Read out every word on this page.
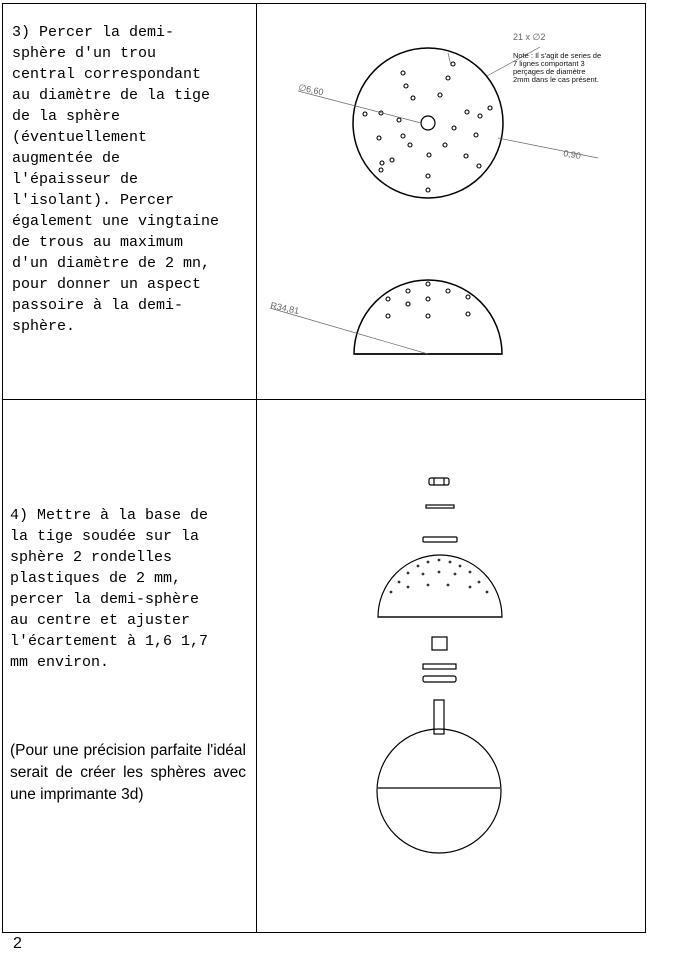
3) Percer la demi-
sphère d'un trou
central correspondant
au diamètre de la tige
de la sphère
(éventuellement
augmentée de
l'épaisseur de
l'isolant). Percer
également une vingtaine
de trous au maximum
d'un diamètre de 2 mn,
pour donner un aspect
passoire à la demi-
sphère.
4) Mettre à la base de
la tige soudée sur la
sphère 2 rondelles
plastiques de 2 mm,
percer la demi-sphère
au centre et ajuster
l'écartement à 1,6 1,7
mm environ.
(Pour une précision parfaite l'idéal serait de créer les sphères avec une imprimante 3d)
2
∅6,60
21 x ∅2
0,90
Note : Il s'agit de series de
7 lignes comportant 3
perçages de diamètre
2mm dans le cas présent.
R34,81
